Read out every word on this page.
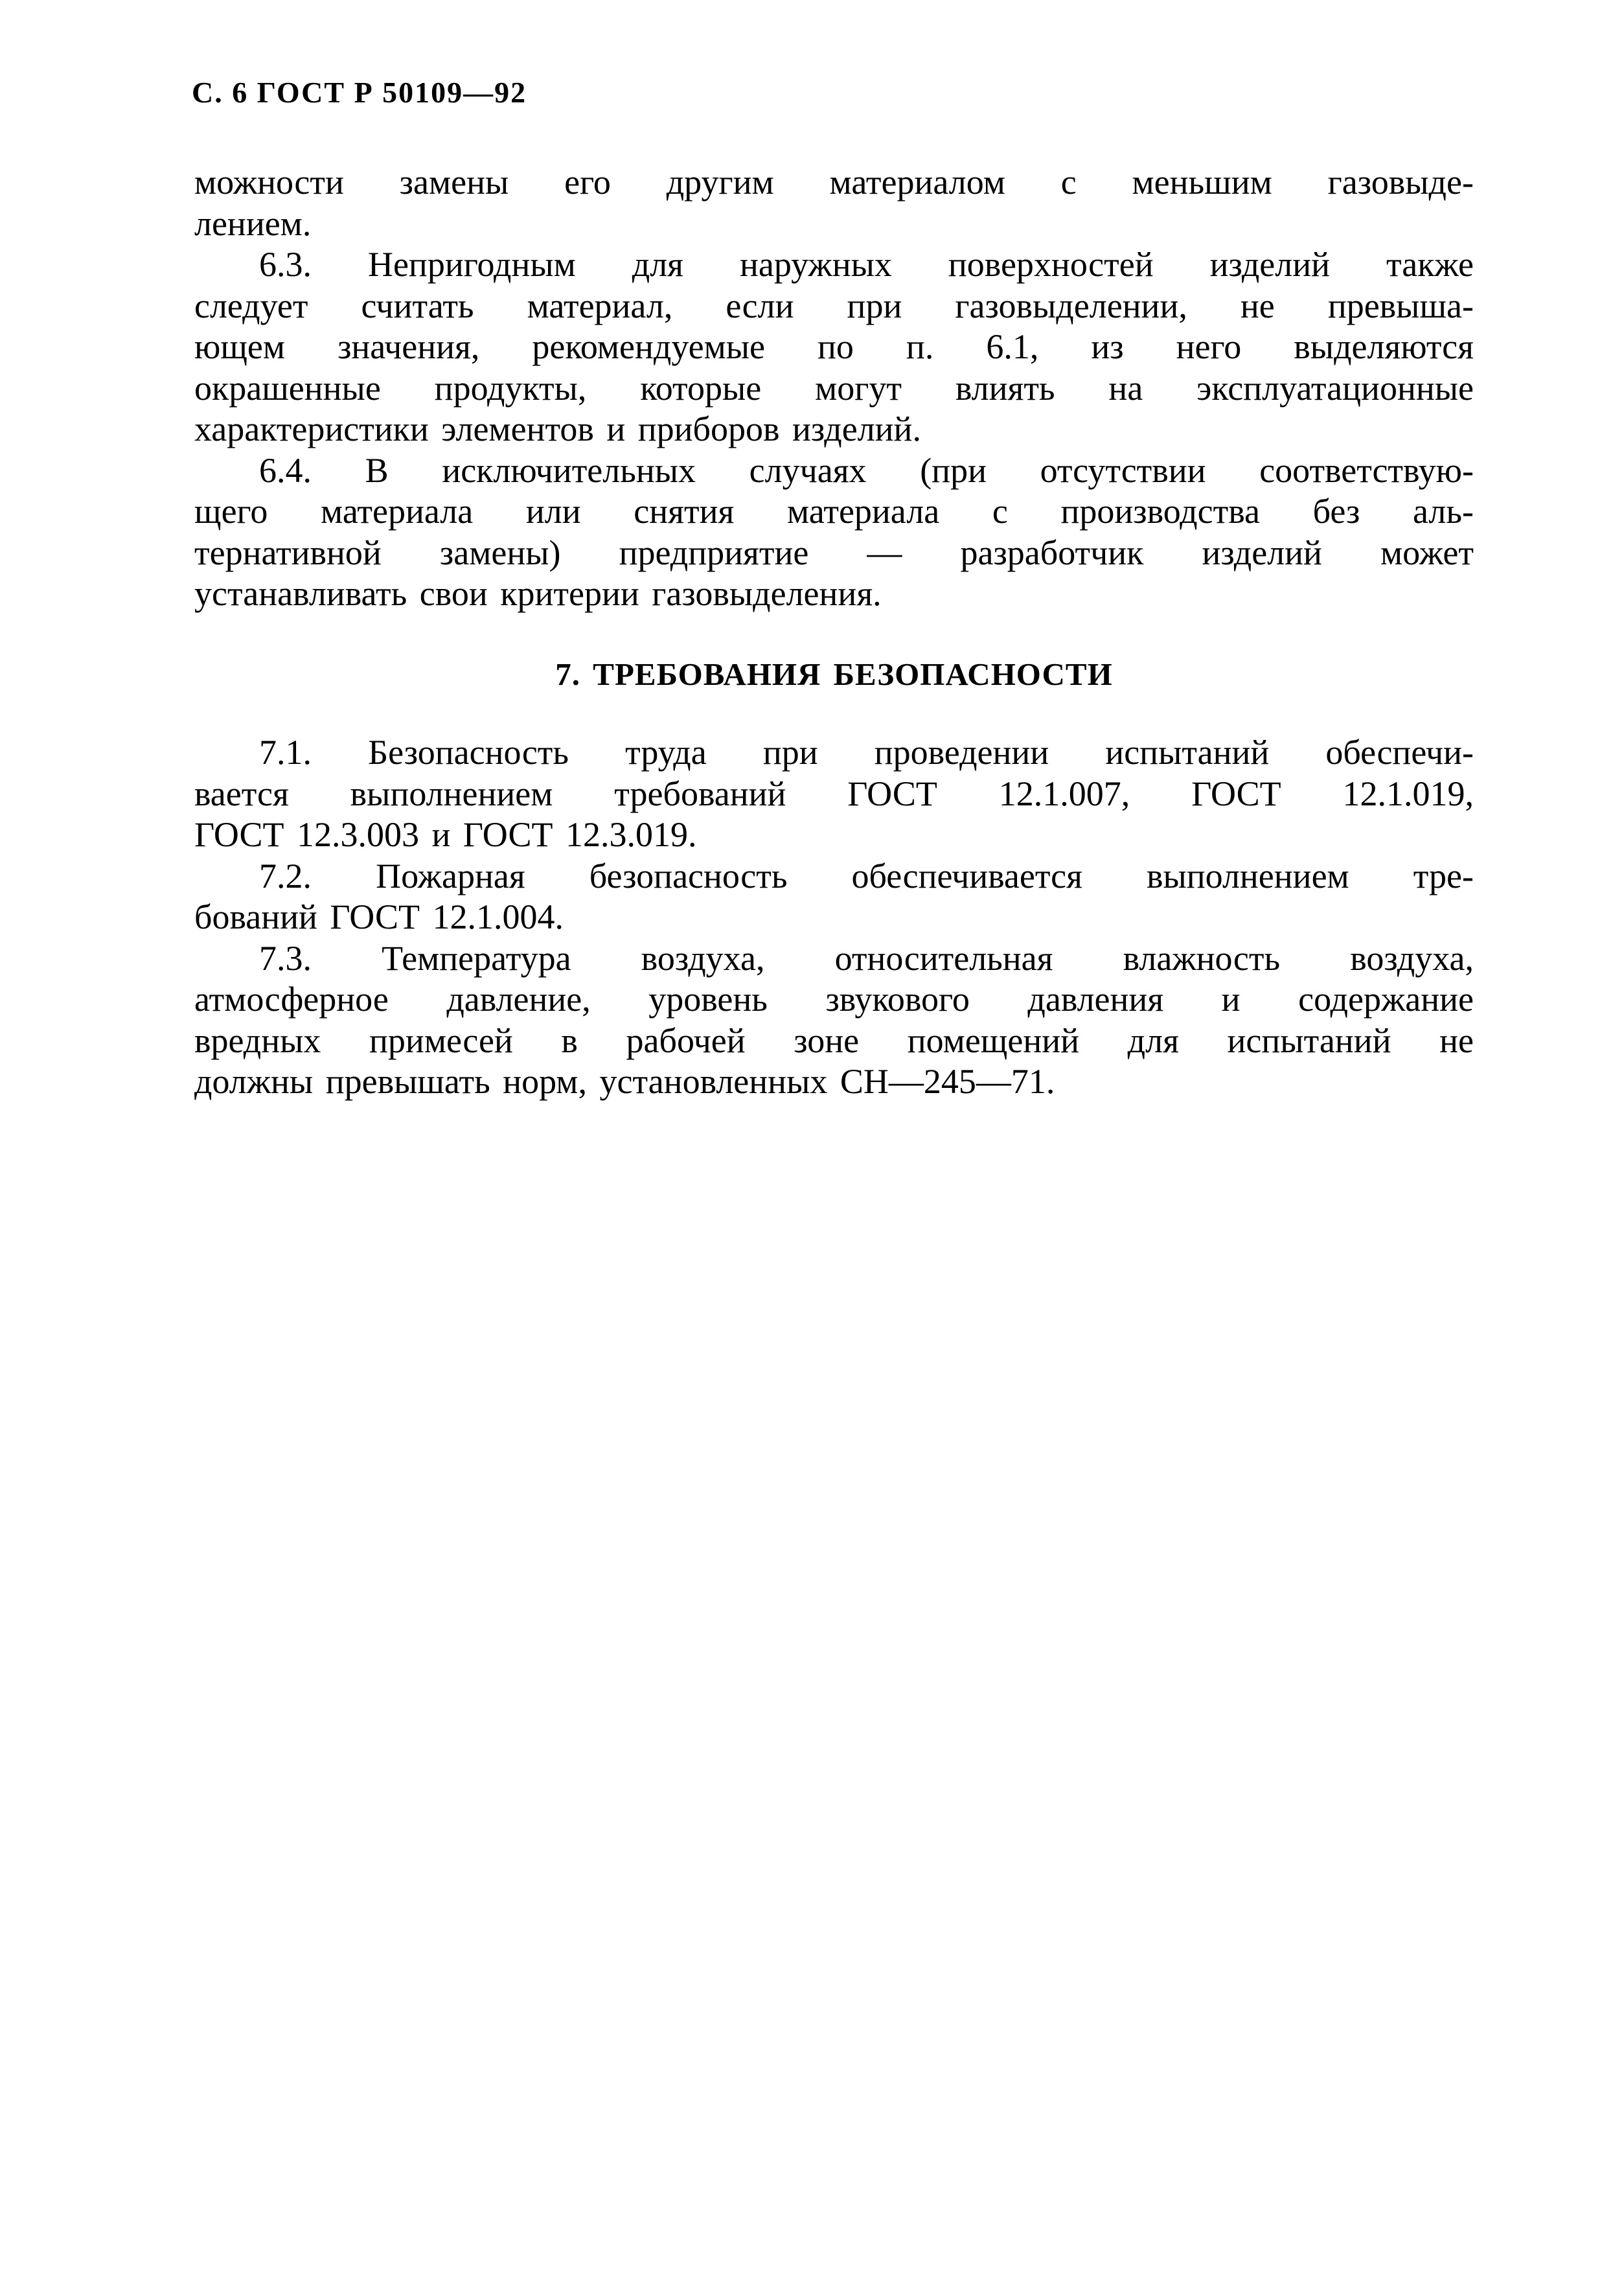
С. 6 ГОСТ Р 50109—92

можности замены его другим материалом с меньшим газовыде-

лением.

6.3. Непригодным для наружных поверхностей изделий также

следует считать материал, если при газовыделении, не превыша-

ющем значения, рекомендуемые по п. 6.1, из него выделяются

окрашенные продукты, которые могут влиять на эксплуатационные

характеристики элементов и приборов изделий.

6.4. В исключительных случаях (при отсутствии соответствую-

щего материала или снятия материала с производства без аль-

тернативной замены) предприятие — разработчик изделий может

устанавливать свои критерии газовыделения.

7. ТРЕБОВАНИЯ БЕЗОПАСНОСТИ

7.1. Безопасность труда при проведении испытаний обеспечи-

вается выполнением требований ГОСТ 12.1.007, ГОСТ 12.1.019,

ГОСТ 12.3.003 и ГОСТ 12.3.019.

7.2. Пожарная безопасность обеспечивается выполнением тре-

бований ГОСТ 12.1.004.

7.3. Температура воздуха, относительная влажность воздуха,

атмосферное давление, уровень звукового давления и содержание

вредных примесей в рабочей зоне помещений для испытаний не

должны превышать норм, установленных СН—245—71.
